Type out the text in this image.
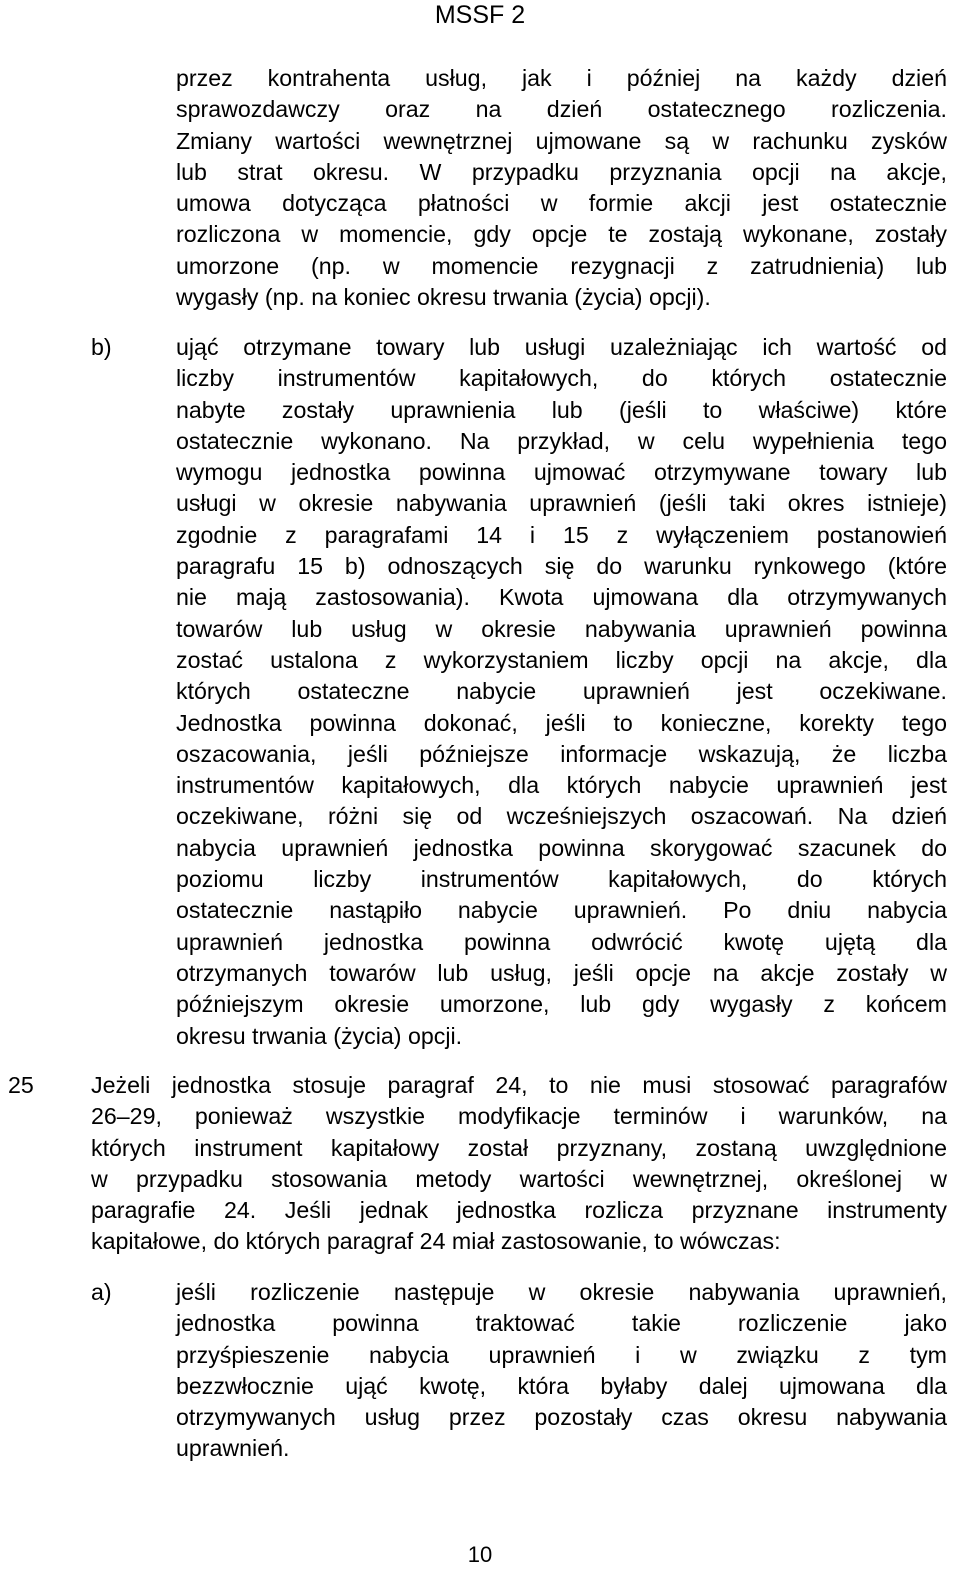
MSSF 2
przez kontrahenta usług, jak i później na każdy dzień
sprawozdawczy oraz na dzień ostatecznego rozliczenia.
Zmiany wartości wewnętrznej ujmowane są w rachunku zysków
lub strat okresu. W przypadku przyznania opcji na akcje,
umowa dotycząca płatności w formie akcji jest ostatecznie
rozliczona w momencie, gdy opcje te zostają wykonane, zostały
umorzone (np. w momencie rezygnacji z zatrudnienia) lub
wygasły (np. na koniec okresu trwania (życia) opcji).
b)	ująć otrzymane towary lub usługi uzależniając ich wartość od
liczby instrumentów kapitałowych, do których ostatecznie
nabyte zostały uprawnienia lub (jeśli to właściwe) które
ostatecznie wykonano. Na przykład, w celu wypełnienia tego
wymogu jednostka powinna ujmować otrzymywane towary lub
usługi w okresie nabywania uprawnień (jeśli taki okres istnieje)
zgodnie z paragrafami 14 i 15 z wyłączeniem postanowień
paragrafu 15 b) odnoszących się do warunku rynkowego (które
nie mają zastosowania). Kwota ujmowana dla otrzymywanych
towarów lub usług w okresie nabywania uprawnień powinna
zostać ustalona z wykorzystaniem liczby opcji na akcje, dla
których ostateczne nabycie uprawnień jest oczekiwane.
Jednostka powinna dokonać, jeśli to konieczne, korekty tego
oszacowania, jeśli późniejsze informacje wskazują, że liczba
instrumentów kapitałowych, dla których nabycie uprawnień jest
oczekiwane, różni się od wcześniejszych oszacowań. Na dzień
nabycia uprawnień jednostka powinna skorygować szacunek do
poziomu liczby instrumentów kapitałowych, do których
ostatecznie nastąpiło nabycie uprawnień. Po dniu nabycia
uprawnień jednostka powinna odwrócić kwotę ujętą dla
otrzymanych towarów lub usług, jeśli opcje na akcje zostały w
późniejszym okresie umorzone, lub gdy wygasły z końcem
okresu trwania (życia) opcji.
25 Jeżeli jednostka stosuje paragraf 24, to nie musi stosować paragrafów
26–29, ponieważ wszystkie modyfikacje terminów i warunków, na
których instrument kapitałowy został przyznany, zostaną uwzględnione
w przypadku stosowania metody wartości wewnętrznej, określonej w
paragrafie 24. Jeśli jednak jednostka rozlicza przyznane instrumenty
kapitałowe, do których paragraf 24 miał zastosowanie, to wówczas:
a)	jeśli rozliczenie następuje w okresie nabywania uprawnień,
jednostka powinna traktować takie rozliczenie jako
przyśpieszenie nabycia uprawnień i w związku z tym
bezzwłocznie ująć kwotę, która byłaby dalej ujmowana dla
otrzymywanych usług przez pozostały czas okresu nabywania
uprawnień.
10
